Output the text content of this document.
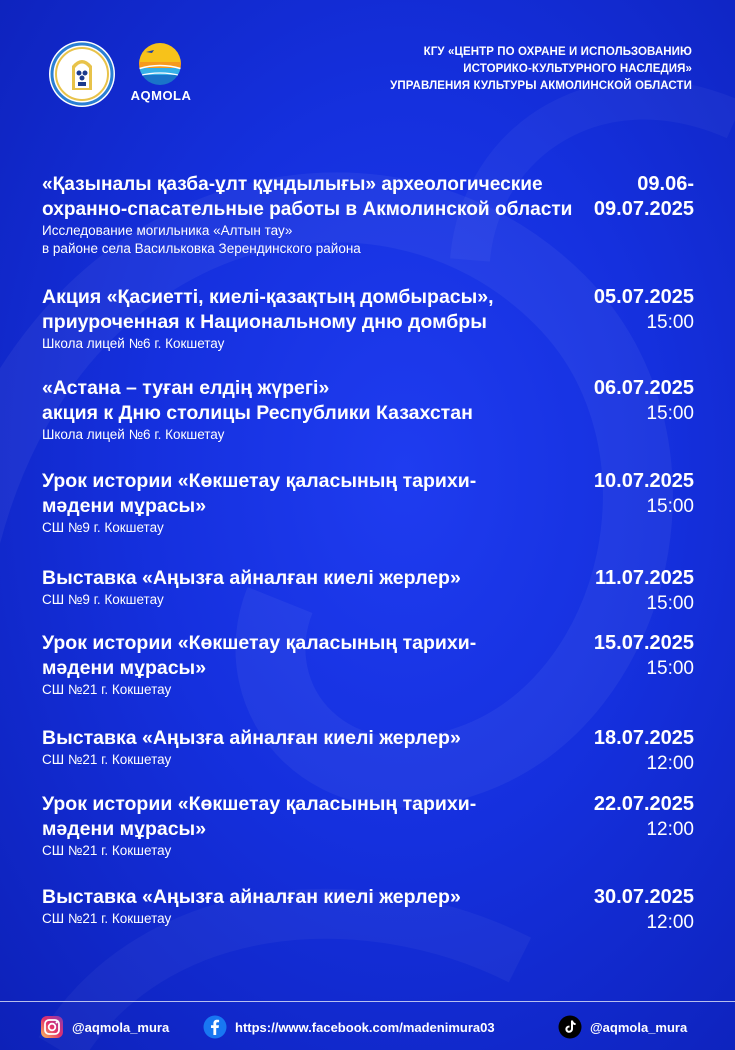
AQMOLA
КГУ «ЦЕНТР ПО ОХРАНЕ И ИСПОЛЬЗОВАНИЮ
ИСТОРИКО-КУЛЬТУРНОГО НАСЛЕДИЯ»
УПРАВЛЕНИЯ КУЛЬТУРЫ АКМОЛИНСКОЙ ОБЛАСТИ
«Қазыналы қазба-ұлт құндылығы» археологические
охранно-спасательные работы в Акмолинской области
Исследование могильника «Алтын тау»
в районе села Васильковка Зерендинского района
09.06-
09.07.2025
Акция «Қасиетті, киелі-қазақтың домбырасы»,
приуроченная к Национальному дню домбры
Школа лицей №6 г. Кокшетау
05.07.2025
15:00
«Астана – туған елдің жүрегі»
акция к Дню столицы Республики Казахстан
Школа лицей №6 г. Кокшетау
06.07.2025
15:00
Урок истории «Көкшетау қаласының тарихи-
мәдени мұрасы»
СШ №9 г. Кокшетау
10.07.2025
15:00
Выставка «Аңызға айналған киелі жерлер»
СШ №9 г. Кокшетау
11.07.2025
15:00
Урок истории «Көкшетау қаласының тарихи-
мәдени мұрасы»
СШ №21 г. Кокшетау
15.07.2025
15:00
Выставка «Аңызға айналған киелі жерлер»
СШ №21 г. Кокшетау
18.07.2025
12:00
Урок истории «Көкшетау қаласының тарихи-
мәдени мұрасы»
СШ №21 г. Кокшетау
22.07.2025
12:00
Выставка «Аңызға айналған киелі жерлер»
СШ №21 г. Кокшетау
30.07.2025
12:00
@aqmola_mura	https://www.facebook.com/madenimura03	@aqmola_mura
